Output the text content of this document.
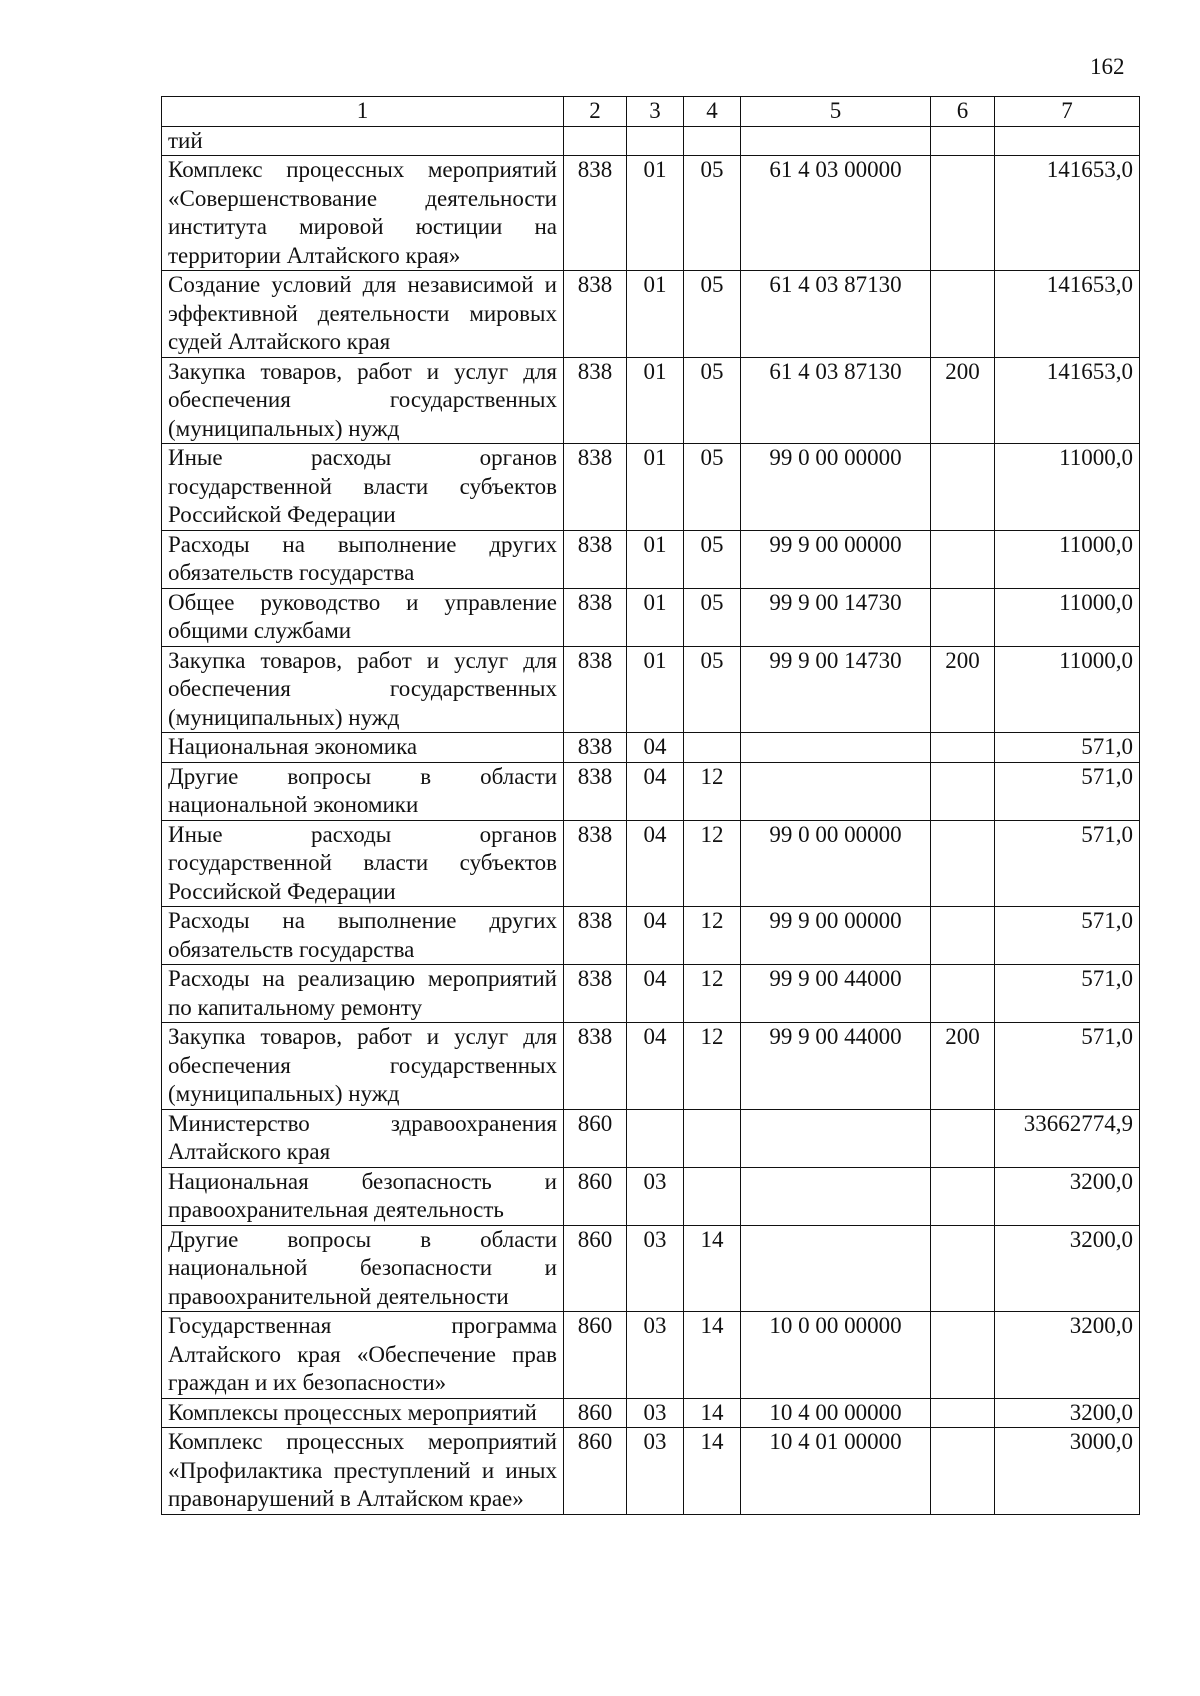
162
1	2	3	4	5	6	7
тий						
Комплекс процессных мероприятий «Совершенствование деятельности института мировой юстиции на территории Алтайского края»	838	01	05	61 4 03 00000		141653,0
Создание условий для независимой и эффективной деятельности мировых судей Алтайского края	838	01	05	61 4 03 87130		141653,0
Закупка товаров, работ и услуг для обеспечения государственных (муниципальных) нужд	838	01	05	61 4 03 87130	200	141653,0
Иные расходы органов государственной власти субъектов Российской Федерации	838	01	05	99 0 00 00000		11000,0
Расходы на выполнение других обязательств государства	838	01	05	99 9 00 00000		11000,0
Общее руководство и управление общими службами	838	01	05	99 9 00 14730		11000,0
Закупка товаров, работ и услуг для обеспечения государственных (муниципальных) нужд	838	01	05	99 9 00 14730	200	11000,0
Национальная экономика	838	04				571,0
Другие вопросы в области национальной экономики	838	04	12			571,0
Иные расходы органов государственной власти субъектов Российской Федерации	838	04	12	99 0 00 00000		571,0
Расходы на выполнение других обязательств государства	838	04	12	99 9 00 00000		571,0
Расходы на реализацию мероприятий по капитальному ремонту	838	04	12	99 9 00 44000		571,0
Закупка товаров, работ и услуг для обеспечения государственных (муниципальных) нужд	838	04	12	99 9 00 44000	200	571,0
Министерство здравоохранения Алтайского края	860					33662774,9
Национальная безопасность и правоохранительная деятельность	860	03				3200,0
Другие вопросы в области национальной безопасности и правоохранительной деятельности	860	03	14			3200,0
Государственная программа Алтайского края «Обеспечение прав граждан и их безопасности»	860	03	14	10 0 00 00000		3200,0
Комплексы процессных мероприятий	860	03	14	10 4 00 00000		3200,0
Комплекс процессных мероприятий «Профилактика преступлений и иных правонарушений в Алтайском крае»	860	03	14	10 4 01 00000		3000,0
